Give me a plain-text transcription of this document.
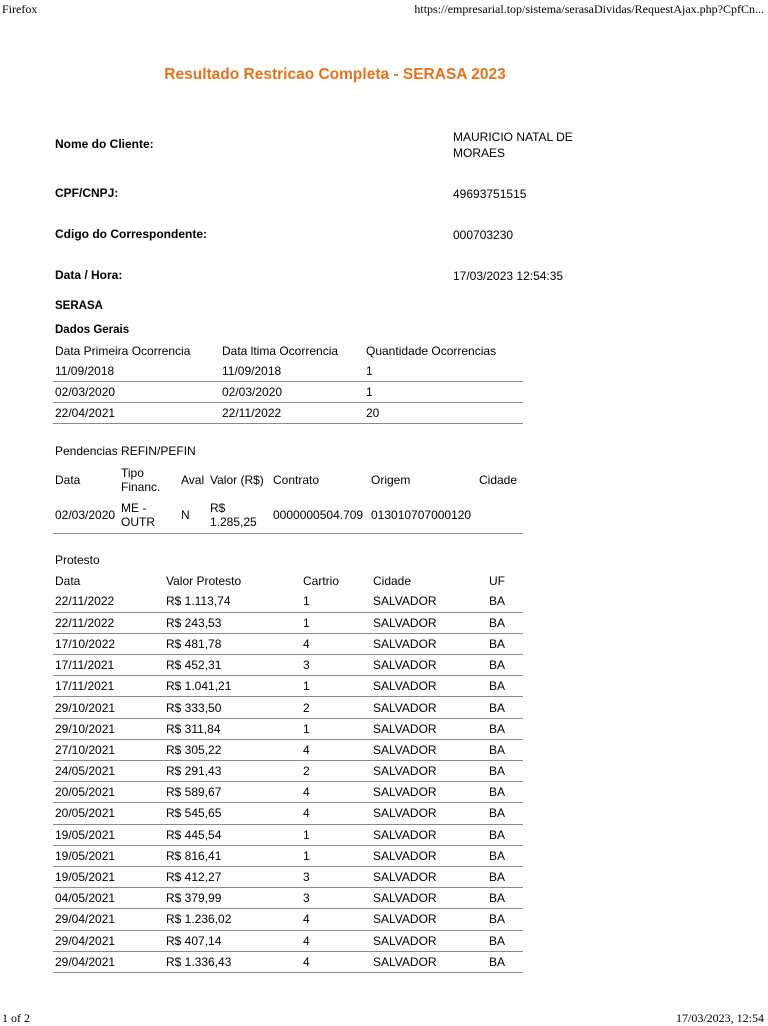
Firefox	https://empresarial.top/sistema/serasaDividas/RequestAjax.php?CpfCn...
Resultado Restricao Completa - SERASA 2023
Nome do Cliente:	MAURICIO NATAL DE MORAES
CPF/CNPJ:	49693751515
Cdigo do Correspondente:	000703230
Data / Hora:	17/03/2023 12:54:35
SERASA
Dados Gerais
Data Primeira Ocorrencia	Data ltima Ocorrencia	Quantidade Ocorrencias
11/09/2018	11/09/2018	1
02/03/2020	02/03/2020	1
22/04/2021	22/11/2022	20
Pendencias REFIN/PEFIN
Data	Tipo Financ.	Aval	Valor (R$)	Contrato	Origem	Cidade
02/03/2020	ME - OUTR	N	R$ 1.285,25	0000000504.709	013010707000120	
Protesto
Data	Valor Protesto	Cartrio	Cidade	UF
22/11/2022	R$ 1.113,74	1	SALVADOR	BA
22/11/2022	R$ 243,53	1	SALVADOR	BA
17/10/2022	R$ 481,78	4	SALVADOR	BA
17/11/2021	R$ 452,31	3	SALVADOR	BA
17/11/2021	R$ 1.041,21	1	SALVADOR	BA
29/10/2021	R$ 333,50	2	SALVADOR	BA
29/10/2021	R$ 311,84	1	SALVADOR	BA
27/10/2021	R$ 305,22	4	SALVADOR	BA
24/05/2021	R$ 291,43	2	SALVADOR	BA
20/05/2021	R$ 589,67	4	SALVADOR	BA
20/05/2021	R$ 545,65	4	SALVADOR	BA
19/05/2021	R$ 445,54	1	SALVADOR	BA
19/05/2021	R$ 816,41	1	SALVADOR	BA
19/05/2021	R$ 412,27	3	SALVADOR	BA
04/05/2021	R$ 379,99	3	SALVADOR	BA
29/04/2021	R$ 1.236,02	4	SALVADOR	BA
29/04/2021	R$ 407,14	4	SALVADOR	BA
29/04/2021	R$ 1.336,43	4	SALVADOR	BA
1 of 2	17/03/2023, 12:54
